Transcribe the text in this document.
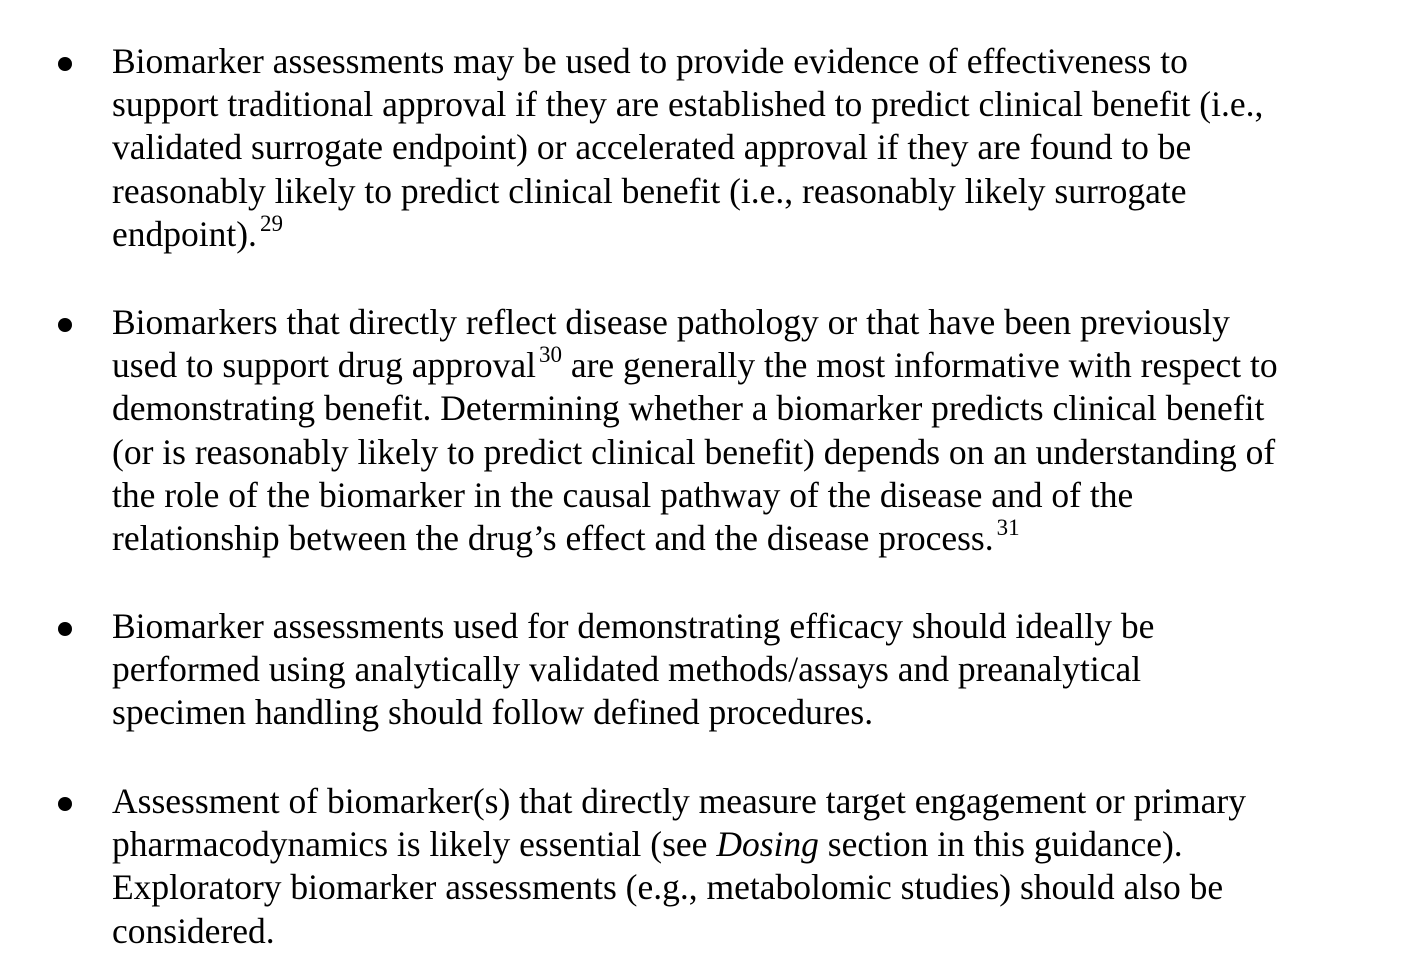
Biomarker assessments may be used to provide evidence of effectiveness to
support traditional approval if they are established to predict clinical benefit (i.e.,
validated surrogate endpoint) or accelerated approval if they are found to be
reasonably likely to predict clinical benefit (i.e., reasonably likely surrogate
endpoint). $^{29}$
Biomarkers that directly reflect disease pathology or that have been previously
used to support drug approval $^{30}$ are generally the most informative with respect to
demonstrating benefit. Determining whether a biomarker predicts clinical benefit
(or is reasonably likely to predict clinical benefit) depends on an understanding of
the role of the biomarker in the causal pathway of the disease and of the
relationship between the drug’s effect and the disease process. $^{31}$
Biomarker assessments used for demonstrating efficacy should ideally be
performed using analytically validated methods/assays and preanalytical
specimen handling should follow defined procedures.
Assessment of biomarker(s) that directly measure target engagement or primary
pharmacodynamics is likely essential (see Dosing section in this guidance).
Exploratory biomarker assessments (e.g., metabolomic studies) should also be
considered.
